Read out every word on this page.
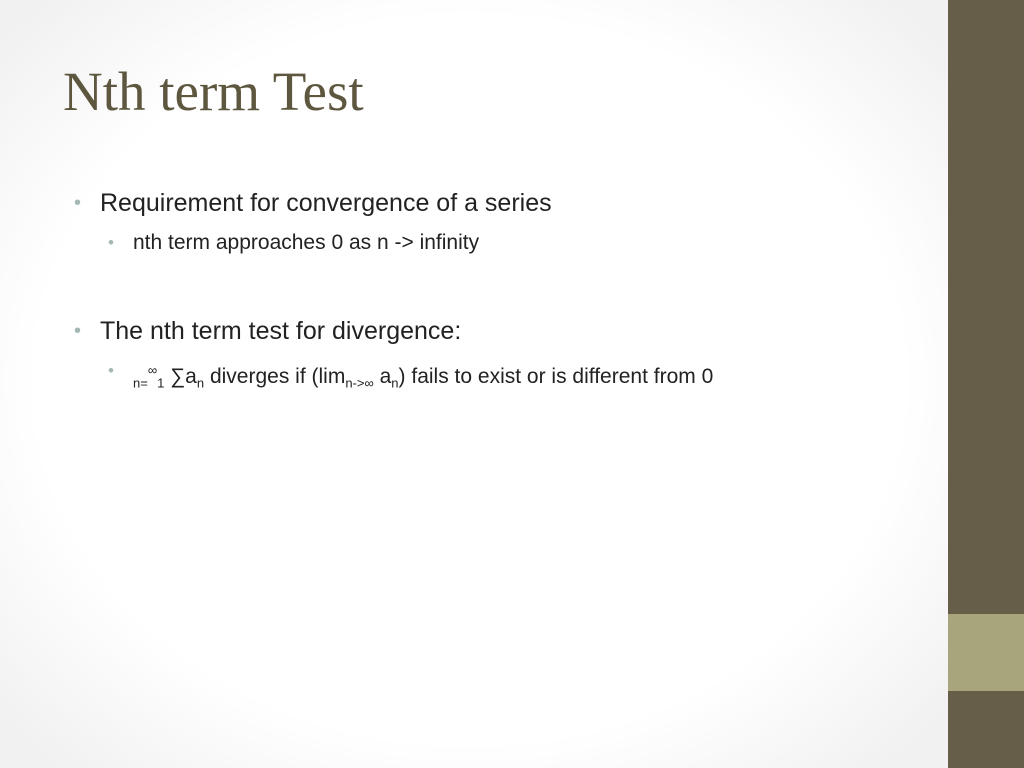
Nth term Test
• Requirement for convergence of a series
• nth term approaches 0 as n -> infinity
• The nth term test for divergence:
•
$_{n=}$∞$_1$ $\sum a_n$ diverges if ($\lim_{n->\infty}$ $a_n$) fails to exist or is different from 0
